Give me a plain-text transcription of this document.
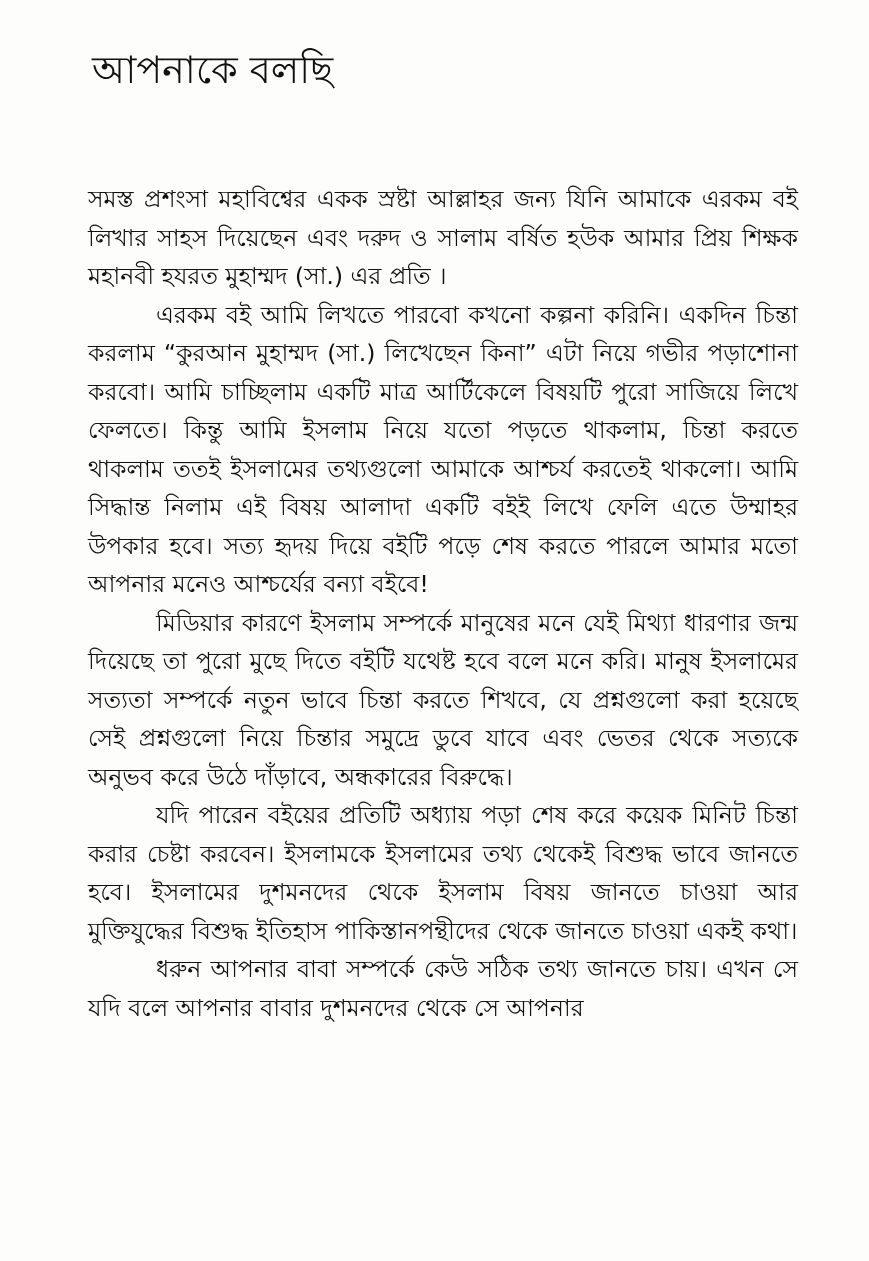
আপনাকে বলছি

সমস্ত প্রশংসা মহাবিশ্বের একক স্রষ্টা আল্লাহর জন্য যিনি আমাকে এরকম বই লিখার সাহস দিয়েছেন এবং দরুদ ও সালাম বর্ষিত হউক আমার প্রিয় শিক্ষক মহানবী হযরত মুহাম্মদ (সা.) এর প্রতি ।

এরকম বই আমি লিখতে পারবো কখনো কল্পনা করিনি। একদিন চিন্তা করলাম “কুরআন মুহাম্মদ (সা.) লিখেছেন কিনা” এটা নিয়ে গভীর পড়াশোনা করবো। আমি চাচ্ছিলাম একটি মাত্র আর্টিকেলে বিষয়টি পুরো সাজিয়ে লিখে ফেলতে। কিন্তু আমি ইসলাম নিয়ে যতো পড়তে থাকলাম, চিন্তা করতে থাকলাম ততই ইসলামের তথ্যগুলো আমাকে আশ্চর্য করতেই থাকলো। আমি সিদ্ধান্ত নিলাম এই বিষয় আলাদা একটি বইই লিখে ফেলি এতে উম্মাহর উপকার হবে। সত্য হৃদয় দিয়ে বইটি পড়ে শেষ করতে পারলে আমার মতো আপনার মনেও আশ্চর্যের বন্যা বইবে!

মিডিয়ার কারণে ইসলাম সম্পর্কে মানুষের মনে যেই মিথ্যা ধারণার জন্ম দিয়েছে তা পুরো মুছে দিতে বইটি যথেষ্ট হবে বলে মনে করি। মানুষ ইসলামের সত্যতা সম্পর্কে নতুন ভাবে চিন্তা করতে শিখবে, যে প্রশ্নগুলো করা হয়েছে সেই প্রশ্নগুলো নিয়ে চিন্তার সমুদ্রে ডুবে যাবে এবং ভেতর থেকে সত্যকে অনুভব করে উঠে দাঁড়াবে, অন্ধকারের বিরুদ্ধে।

যদি পারেন বইয়ের প্রতিটি অধ্যায় পড়া শেষ করে কয়েক মিনিট চিন্তা করার চেষ্টা করবেন। ইসলামকে ইসলামের তথ্য থেকেই বিশুদ্ধ ভাবে জানতে হবে। ইসলামের দুশমনদের থেকে ইসলাম বিষয় জানতে চাওয়া আর মুক্তিযুদ্ধের বিশুদ্ধ ইতিহাস পাকিস্তানপন্থীদের থেকে জানতে চাওয়া একই কথা।

ধরুন আপনার বাবা সম্পর্কে কেউ সঠিক তথ্য জানতে চায়। এখন সে যদি বলে আপনার বাবার দুশমনদের থেকে সে আপনার
